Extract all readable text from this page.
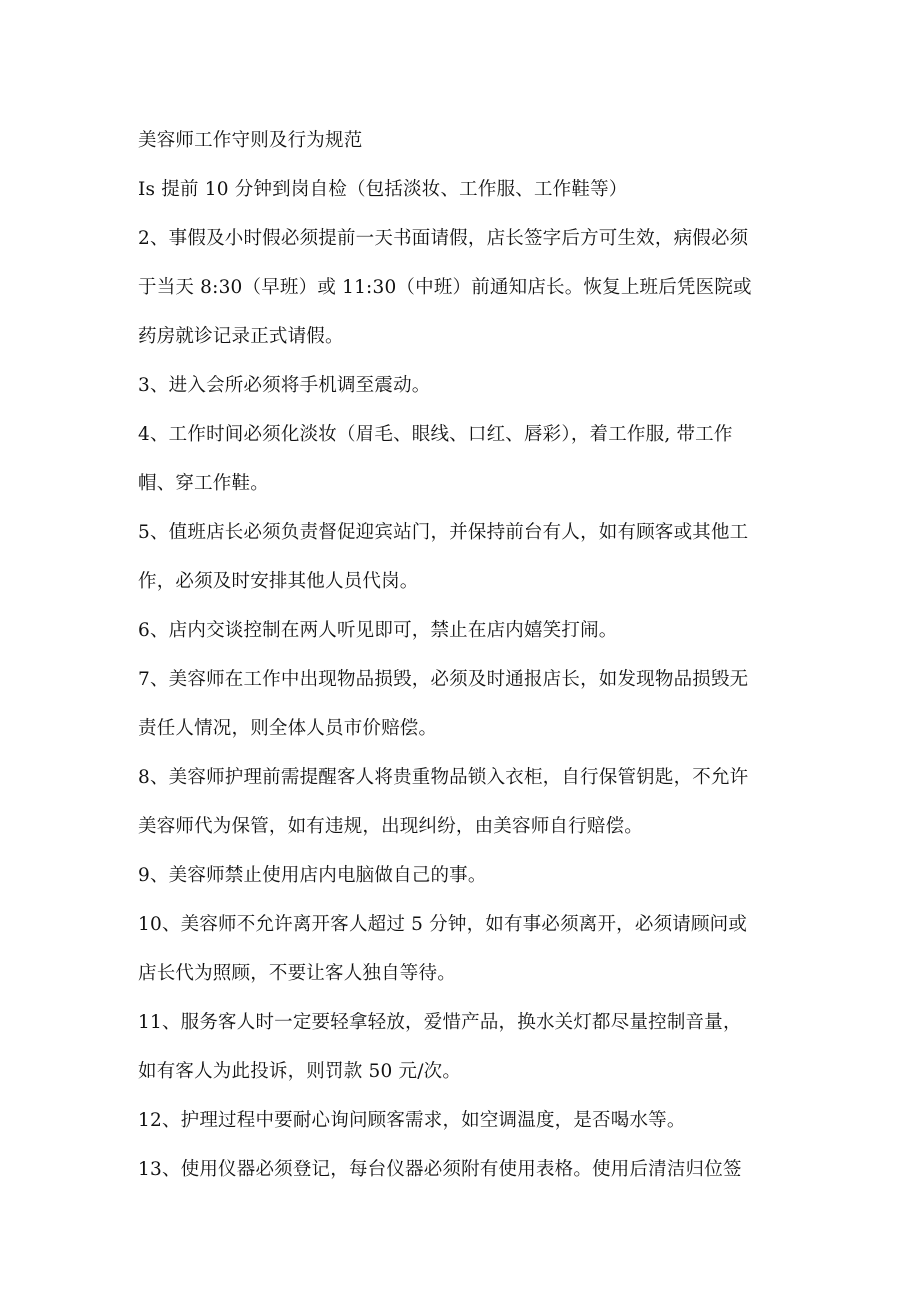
美容师工作守则及行为规范
Is 提前 10 分钟到岗自检（包括淡妆、工作服、工作鞋等）
2、事假及小时假必须提前一天书面请假，店长签字后方可生效，病假必须
于当天 8:30（早班）或 11:30（中班）前通知店长。恢复上班后凭医院或
药房就诊记录正式请假。
3、进入会所必须将手机调至震动。
4、工作时间必须化淡妆（眉毛、眼线、口红、唇彩），着工作服, 带工作
帽、穿工作鞋。
5、值班店长必须负责督促迎宾站门，并保持前台有人，如有顾客或其他工
作，必须及时安排其他人员代岗。
6、店内交谈控制在两人听见即可，禁止在店内嬉笑打闹。
7、美容师在工作中出现物品损毁，必须及时通报店长，如发现物品损毁无
责任人情况，则全体人员市价赔偿。
8、美容师护理前需提醒客人将贵重物品锁入衣柜，自行保管钥匙，不允许
美容师代为保管，如有违规，出现纠纷，由美容师自行赔偿。
9、美容师禁止使用店内电脑做自己的事。
10、美容师不允许离开客人超过 5 分钟，如有事必须离开，必须请顾问或
店长代为照顾，不要让客人独自等待。
11、服务客人时一定要轻拿轻放，爱惜产品，换水关灯都尽量控制音量，
如有客人为此投诉，则罚款 50 元/次。
12、护理过程中要耐心询问顾客需求，如空调温度，是否喝水等。
13、使用仪器必须登记，每台仪器必须附有使用表格。使用后清洁归位签
